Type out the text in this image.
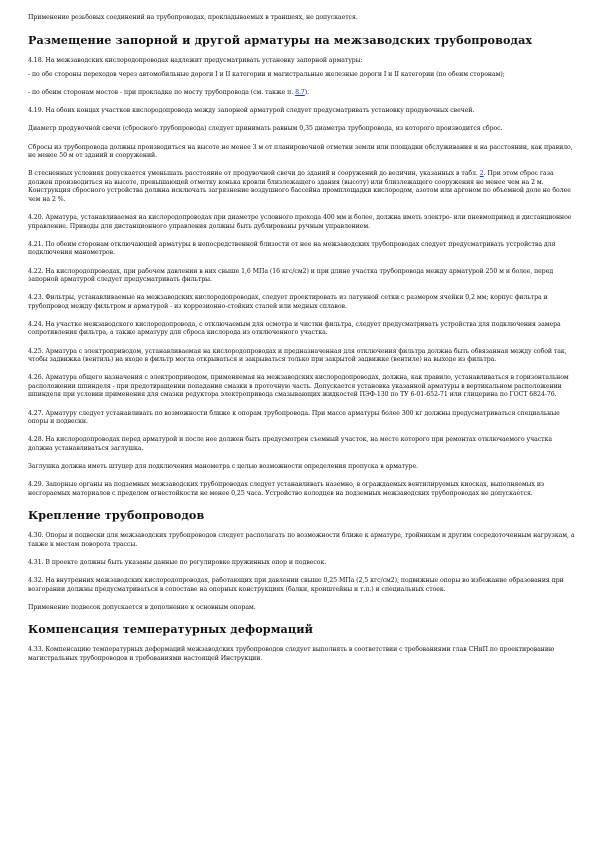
Применение резьбовых соединений на трубопроводах, прокладываемых в траншеях, не допускается.

Размещение запорной и другой арматуры на межзаводских трубопроводах

4.18. На межзаводских кислородопроводах надлежит предусматривать установку запорной арматуры:

- по обе стороны переходов через автомобильные дороги I и II категории и магистральные железные дороги I и II категории (по обеим сторонам);

- по обеим сторонам мостов - при прокладке по мосту трубопровода (см. также п. 8.7).

4.19. На обоих концах участков кислородопровода между запорной арматурой следует предусматривать установку продувочных свечей.

Диаметр продувочной свечи (сбросного трубопровода) следует принимать равным 0,35 диаметра трубопровода, из которого производится сброс.

Сбросы из трубопровода должны производиться на высоте не менее 3 м от планировочной отметки земли или площадки обслуживания и на расстоянии, как правило, не менее 50 м от зданий и сооружений.

В стесненных условиях допускается уменьшать расстояние от продувочной свечи до зданий и сооружений до величин, указанных в табл. 2. При этом сброс газа должен производиться на высоте, превышающей отметку конька кровли близлежащего здания (высоту) или близлежащего сооружения не менее чем на 2 м. Конструкция сбросного устройства должна исключать загрязнение воздушного бассейна промплощадки кислородом, азотом или аргоном по объемной доле не более чем на 2 %.

4.20. Арматура, устанавливаемая на кислородопроводах при диаметре условного прохода 400 мм и более, должна иметь электро- или пневмопривод и дистанционное управление. Приводы для дистанционного управления должны быть дублированы ручным управлением.

4.21. По обеим сторонам отключающей арматуры в непосредственной близости от нее на межзаводских трубопроводах следует предусматривать устройства для подключения манометров.

4.22. На кислородопроводах, при рабочем давлении в них свыше 1,6 МПа (16 кгс/см2) и при длине участка трубопровода между арматурой 250 м и более, перед запорной арматурой следует предусматривать фильтры.

4.23. Фильтры, устанавливаемые на межзаводских кислородопроводах, следует проектировать из латунной сетки с размером ячейки 0,2 мм; корпус фильтра и трубопровод между фильтром и арматурой - из коррозионно-стойких сталей или медных сплавов.

4.24. На участке межзаводского кислородопровода, с отключаемым для осмотра и чистки фильтра, следует предусматривать устройства для подключения замера сопротивления фильтра, а также арматуру для сброса кислорода из отключенного участка.

4.25. Арматура с электроприводом, устанавливаемая на кислородопроводах и предназначенная для отключения фильтра должна быть обвязанная между собой так, чтобы задвижка (вентиль) на входе в фильтр могла открываться и закрываться только при закрытой задвижке (вентиле) на выходе из фильтра.

4.26. Арматура общего назначения с электроприводом, применяемая на межзаводских кислородопроводах, должна, как правило, устанавливаться в горизонтальном расположении шпинделя - при предотвращении попадания смазки в проточную часть. Допускается установка указанной арматуры в вертикальном расположении шпинделя при условии применения для смазки редуктора электропривода смазывающих жидкостей ПЭФ-130 по ТУ 6-01-652-71 или глицерина по ГОСТ 6824-76.

4.27. Арматуру следует устанавливать по возможности ближе к опорам трубопровода. При массе арматуры более 300 кг должны предусматриваться специальные опоры и подвески.

4.28. На кислородопроводах перед арматурой и после нее должен быть предусмотрен съемный участок, на месте которого при ремонтах отключаемого участка должна устанавливаться заглушка.

Заглушка должна иметь штуцер для подключения манометра с целью возможности определения пропуска в арматуре.

4.29. Запорные органы на подземных межзаводских трубопроводах следует устанавливать наземно, в ограждаемых вентилируемых киосках, выполняемых из несгораемых материалов с пределом огнестойкости не менее 0,25 часа. Устройство колодцев на подземных межзаводских трубопроводах не допускается.

Крепление трубопроводов

4.30. Опоры и подвески для межзаводских трубопроводов следует располагать по возможности ближе к арматуре, тройникам и другим сосредоточенным нагрузкам, а также к местам поворота трассы.

4.31. В проекте должны быть указаны данные по регулировке пружинных опор и подвесок.

4.32. На внутренних межзаводских кислородопроводах, работающих при давлении свыше 0,25 МПа (2,5 кгс/см2), подвижные опоры во избежание образования при возгорании должны предусматриваться в сопоставе на опорных конструкциях (балки, кронштейны и т.п.) и специальных стоек.

Применение подвесок допускается в дополнение к основным опорам.

Компенсация температурных деформаций

4.33. Компенсацию температурных деформаций межзаводских трубопроводов следует выполнять в соответствии с требованиями глав СНиП по проектированию магистральных трубопроводов и требованиями настоящей Инструкции.
